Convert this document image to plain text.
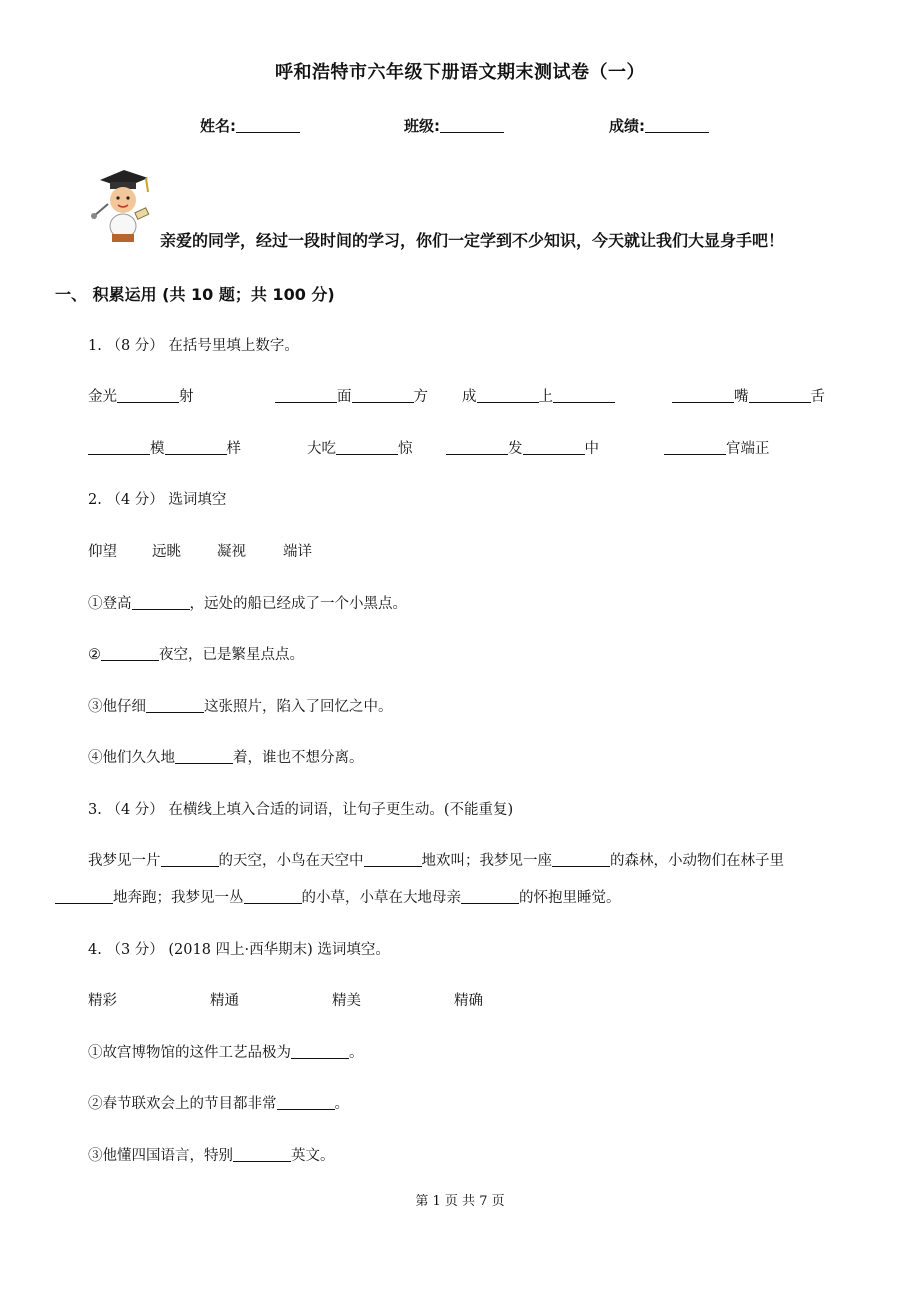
呼和浩特市六年级下册语文期末测试卷（一）
姓名:	班级:	成绩:
亲爱的同学，经过一段时间的学习，你们一定学到不少知识，今天就让我们大显身手吧！
一、 积累运用 (共 10 题；共 100 分)
1. （8 分） 在括号里填上数字。
金光	射	面	方 成	上	嘴	舌
模	样	大吃	惊	发	中	官端正
2. （4 分） 选词填空
仰望 远眺 凝视	端详
①登高	，远处的船已经成了一个小黑点。
②	夜空，已是繁星点点。
③他仔细	这张照片，陷入了回忆之中。
④他们久久地	着，谁也不想分离。
3. （4 分） 在横线上填入合适的词语，让句子更生动。(不能重复)
我梦见一片	的天空，小鸟在天空中	地欢叫；我梦见一座	的森林，小动物们在林子里
地奔跑；我梦见一丛	的小草，小草在大地母亲	的怀抱里睡觉。
4. （3 分） (2018 四上·西华期末) 选词填空。
精彩	精通	精美	精确
①故宫博物馆的这件工艺品极为	。
②春节联欢会上的节目都非常	。
③他懂四国语言，特别	英文。
第 1 页 共 7 页
